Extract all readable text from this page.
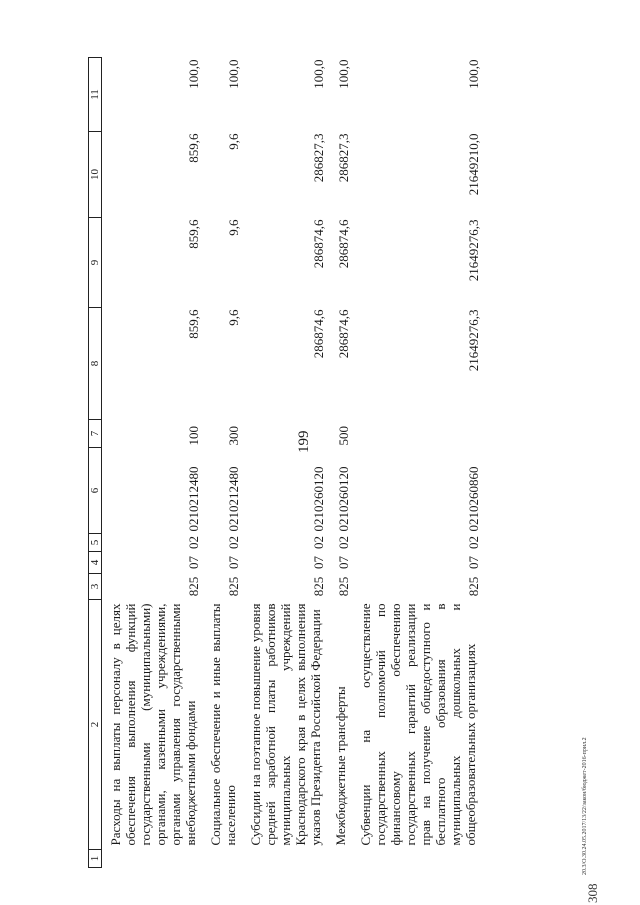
199
20.3/О.30.24.05.2017/13/22/закон/бюджет-2016-прил.2
308
1	2	3	4	5	6	7	8	9	10	11
	Расходы на выплаты персоналу в целях обеспечения выполнения функций государственными (муниципальными) органами, казенными учреждениями, органами управления государственными внебюджетными фондами	825	07	02	0210212480	100	859,6	859,6	859,6	100,0
	Социальное обеспечение и иные выплаты населению	825	07	02	0210212480	300	9,6	9,6	9,6	100,0
	Субсидии на поэтапное повышение уровня средней заработной платы работников муниципальных учреждений Краснодарского края в целях выполнения указов Президента Российской Федерации	825	07	02	0210260120		286874,6	286874,6	286827,3	100,0
	Межбюджетные трансферты	825	07	02	0210260120	500	286874,6	286874,6	286827,3	100,0
	Субвенции на осуществление государственных полномочий по финансовому обеспечению государственных гарантий реализации прав на получение общедоступного и бесплатного образования в муниципальных дошкольных и общеобразовательных организациях	825	07	02	0210260860		21649276,3	21649276,3	21649210,0	100,0
